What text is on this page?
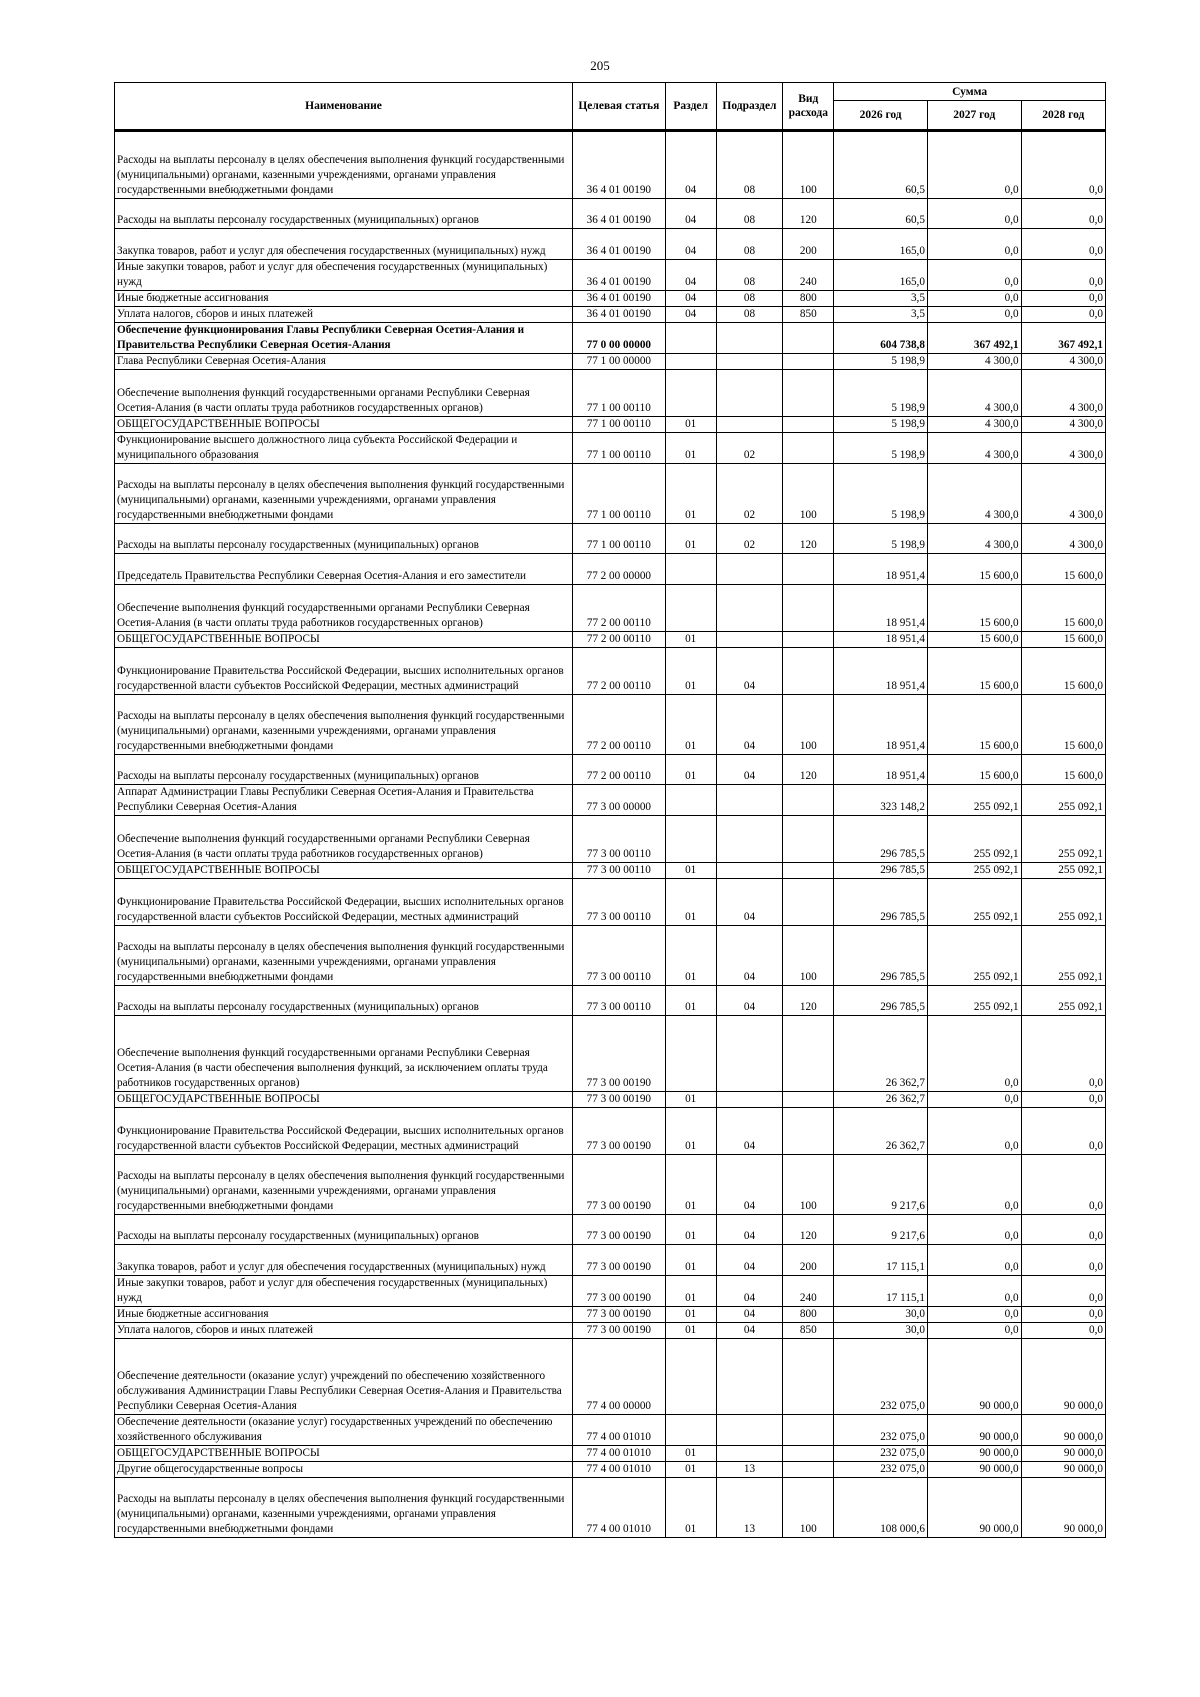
205
Наименование	Целевая статья	Раздел	Подраздел	Вид расхода	Сумма		
					2026 год	2027 год	2028 год
Расходы на выплаты персоналу в целях обеспечения выполнения функций государственными (муниципальными) органами, казенными учреждениями, органами управления государственными внебюджетными фондами	36 4 01 00190	04	08	100	60,5	0,0	0,0
Расходы на выплаты персоналу государственных (муниципальных) органов	36 4 01 00190	04	08	120	60,5	0,0	0,0
Закупка товаров, работ и услуг для обеспечения государственных (муниципальных) нужд	36 4 01 00190	04	08	200	165,0	0,0	0,0
Иные закупки товаров, работ и услуг для обеспечения государственных (муниципальных) нужд	36 4 01 00190	04	08	240	165,0	0,0	0,0
Иные бюджетные ассигнования	36 4 01 00190	04	08	800	3,5	0,0	0,0
Уплата налогов, сборов и иных платежей	36 4 01 00190	04	08	850	3,5	0,0	0,0
Обеспечение функционирования Главы Республики Северная Осетия-Алания и Правительства Республики Северная Осетия-Алания	77 0 00 00000				604 738,8	367 492,1	367 492,1
Глава Республики Северная Осетия-Алания	77 1 00 00000				5 198,9	4 300,0	4 300,0
Обеспечение выполнения функций государственными органами Республики Северная Осетия-Алания (в части оплаты труда работников государственных органов)	77 1 00 00110				5 198,9	4 300,0	4 300,0
ОБЩЕГОСУДАРСТВЕННЫЕ ВОПРОСЫ	77 1 00 00110	01			5 198,9	4 300,0	4 300,0
Функционирование высшего должностного лица субъекта Российской Федерации и муниципального образования	77 1 00 00110	01	02		5 198,9	4 300,0	4 300,0
Расходы на выплаты персоналу в целях обеспечения выполнения функций государственными (муниципальными) органами, казенными учреждениями, органами управления государственными внебюджетными фондами	77 1 00 00110	01	02	100	5 198,9	4 300,0	4 300,0
Расходы на выплаты персоналу государственных (муниципальных) органов	77 1 00 00110	01	02	120	5 198,9	4 300,0	4 300,0
Председатель Правительства Республики Северная Осетия-Алания и его заместители	77 2 00 00000				18 951,4	15 600,0	15 600,0
Обеспечение выполнения функций государственными органами Республики Северная Осетия-Алания (в части оплаты труда работников государственных органов)	77 2 00 00110				18 951,4	15 600,0	15 600,0
ОБЩЕГОСУДАРСТВЕННЫЕ ВОПРОСЫ	77 2 00 00110	01			18 951,4	15 600,0	15 600,0
Функционирование Правительства Российской Федерации, высших исполнительных органов государственной власти субъектов Российской Федерации, местных администраций	77 2 00 00110	01	04		18 951,4	15 600,0	15 600,0
Расходы на выплаты персоналу в целях обеспечения выполнения функций государственными (муниципальными) органами, казенными учреждениями, органами управления государственными внебюджетными фондами	77 2 00 00110	01	04	100	18 951,4	15 600,0	15 600,0
Расходы на выплаты персоналу государственных (муниципальных) органов	77 2 00 00110	01	04	120	18 951,4	15 600,0	15 600,0
Аппарат Администрации Главы Республики Северная Осетия-Алания и Правительства Республики Северная Осетия-Алания	77 3 00 00000				323 148,2	255 092,1	255 092,1
Обеспечение выполнения функций государственными органами Республики Северная Осетия-Алания (в части оплаты труда работников государственных органов)	77 3 00 00110				296 785,5	255 092,1	255 092,1
ОБЩЕГОСУДАРСТВЕННЫЕ ВОПРОСЫ	77 3 00 00110	01			296 785,5	255 092,1	255 092,1
Функционирование Правительства Российской Федерации, высших исполнительных органов государственной власти субъектов Российской Федерации, местных администраций	77 3 00 00110	01	04		296 785,5	255 092,1	255 092,1
Расходы на выплаты персоналу в целях обеспечения выполнения функций государственными (муниципальными) органами, казенными учреждениями, органами управления государственными внебюджетными фондами	77 3 00 00110	01	04	100	296 785,5	255 092,1	255 092,1
Расходы на выплаты персоналу государственных (муниципальных) органов	77 3 00 00110	01	04	120	296 785,5	255 092,1	255 092,1
Обеспечение выполнения функций государственными органами Республики Северная Осетия-Алания (в части обеспечения выполнения функций, за исключением оплаты труда работников государственных органов)	77 3 00 00190				26 362,7	0,0	0,0
ОБЩЕГОСУДАРСТВЕННЫЕ ВОПРОСЫ	77 3 00 00190	01			26 362,7	0,0	0,0
Функционирование Правительства Российской Федерации, высших исполнительных органов государственной власти субъектов Российской Федерации, местных администраций	77 3 00 00190	01	04		26 362,7	0,0	0,0
Расходы на выплаты персоналу в целях обеспечения выполнения функций государственными (муниципальными) органами, казенными учреждениями, органами управления государственными внебюджетными фондами	77 3 00 00190	01	04	100	9 217,6	0,0	0,0
Расходы на выплаты персоналу государственных (муниципальных) органов	77 3 00 00190	01	04	120	9 217,6	0,0	0,0
Закупка товаров, работ и услуг для обеспечения государственных (муниципальных) нужд	77 3 00 00190	01	04	200	17 115,1	0,0	0,0
Иные закупки товаров, работ и услуг для обеспечения государственных (муниципальных) нужд	77 3 00 00190	01	04	240	17 115,1	0,0	0,0
Иные бюджетные ассигнования	77 3 00 00190	01	04	800	30,0	0,0	0,0
Уплата налогов, сборов и иных платежей	77 3 00 00190	01	04	850	30,0	0,0	0,0
Обеспечение деятельности (оказание услуг) учреждений по обеспечению хозяйственного обслуживания Администрации Главы Республики Северная Осетия-Алания и Правительства Республики Северная Осетия-Алания	77 4 00 00000				232 075,0	90 000,0	90 000,0
Обеспечение деятельности (оказание услуг) государственных учреждений по обеспечению хозяйственного обслуживания	77 4 00 01010				232 075,0	90 000,0	90 000,0
ОБЩЕГОСУДАРСТВЕННЫЕ ВОПРОСЫ	77 4 00 01010	01			232 075,0	90 000,0	90 000,0
Другие общегосударственные вопросы	77 4 00 01010	01	13		232 075,0	90 000,0	90 000,0
Расходы на выплаты персоналу в целях обеспечения выполнения функций государственными (муниципальными) органами, казенными учреждениями, органами управления государственными внебюджетными фондами	77 4 00 01010	01	13	100	108 000,6	90 000,0	90 000,0
